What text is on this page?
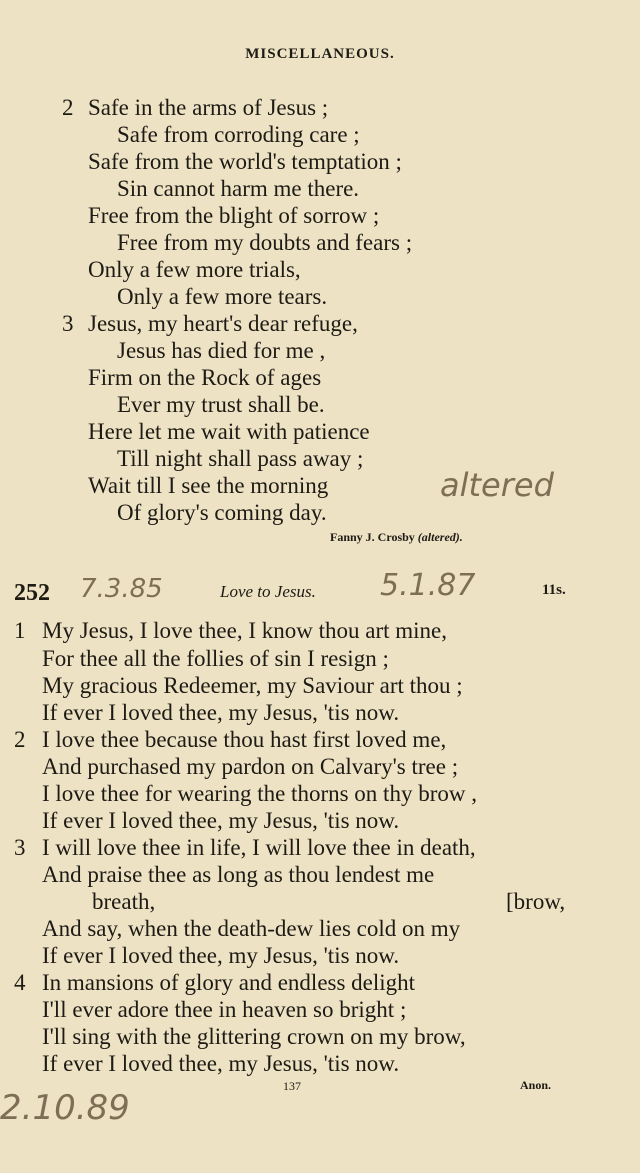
MISCELLANEOUS.
2 Safe in the arms of Jesus ;
Safe from corroding care ;
Safe from the world's temptation ;
Sin cannot harm me there.
Free from the blight of sorrow ;
Free from my doubts and fears ;
Only a few more trials,
Only a few more tears.
3 Jesus, my heart's dear refuge,
Jesus has died for me ,
Firm on the Rock of ages
Ever my trust shall be.
Here let me wait with patience
Till night shall pass away ;
Wait till I see the morning
Of glory's coming day.
altered
Fanny J. Crosby (altered).
252 7.3.85	Love to Jesus. 5.1.87	11s.
1 My Jesus, I love thee, I know thou art mine,
For thee all the follies of sin I resign ;
My gracious Redeemer, my Saviour art thou ;
If ever I loved thee, my Jesus, 'tis now.
2 I love thee because thou hast first loved me,
And purchased my pardon on Calvary's tree ;
I love thee for wearing the thorns on thy brow ,
If ever I loved thee, my Jesus, 'tis now.
3 I will love thee in life, I will love thee in death,
And praise thee as long as thou lendest me
breath,	[brow,
And say, when the death-dew lies cold on my
If ever I loved thee, my Jesus, 'tis now.
4 In mansions of glory and endless delight
I'll ever adore thee in heaven so bright ;
I'll sing with the glittering crown on my brow,
If ever I loved thee, my Jesus, 'tis now.
137	Anon.
2.10.89
